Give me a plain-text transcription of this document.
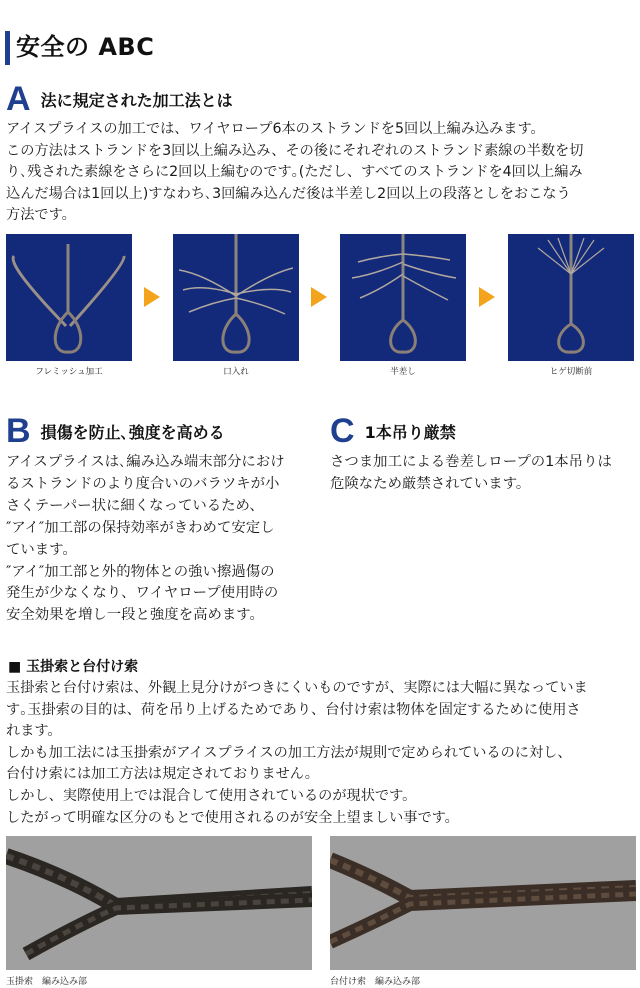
安全の ABC
A 法に規定された加工法とは
アイスプライスの加工では、ワイヤロープ6本のストランドを5回以上編み込みます。
この方法はストランドを3回以上編み込み、その後にそれぞれのストランド素線の半数を切
り､残された素線をさらに2回以上編むのです｡(ただし、すべてのストランドを4回以上編み
込んだ場合は1回以上)すなわち､3回編み込んだ後は半差し2回以上の段落としをおこなう
方法です。
フレミッシュ加工	口入れ	半差し	ヒゲ切断前
B 損傷を防止､強度を高める
アイスプライスは､編み込み端末部分におけ
るストランドのより度合いのバラツキが小
さくテーパー状に細くなっているため、
″アイ″加工部の保持効率がきわめて安定し
ています。
″アイ″加工部と外的物体との強い擦過傷の
発生が少なくなり、ワイヤロープ使用時の
安全効果を増し一段と強度を高めます。
C 1本吊り厳禁
さつま加工による巻差しロープの1本吊りは
危険なため厳禁されています。
■ 玉掛索と台付け索
玉掛索と台付け索は、外観上見分けがつきにくいものですが、実際には大幅に異なっていま
す｡玉掛索の目的は、荷を吊り上げるためであり、台付け索は物体を固定するために使用さ
れます。
しかも加工法には玉掛索がアイスプライスの加工方法が規則で定められているのに対し、
台付け索には加工方法は規定されておりません。
しかし、実際使用上では混合して使用されているのが現状です。
したがって明確な区分のもとで使用されるのが安全上望ましい事です。
玉掛索　編み込み部	台付け索　編み込み部
